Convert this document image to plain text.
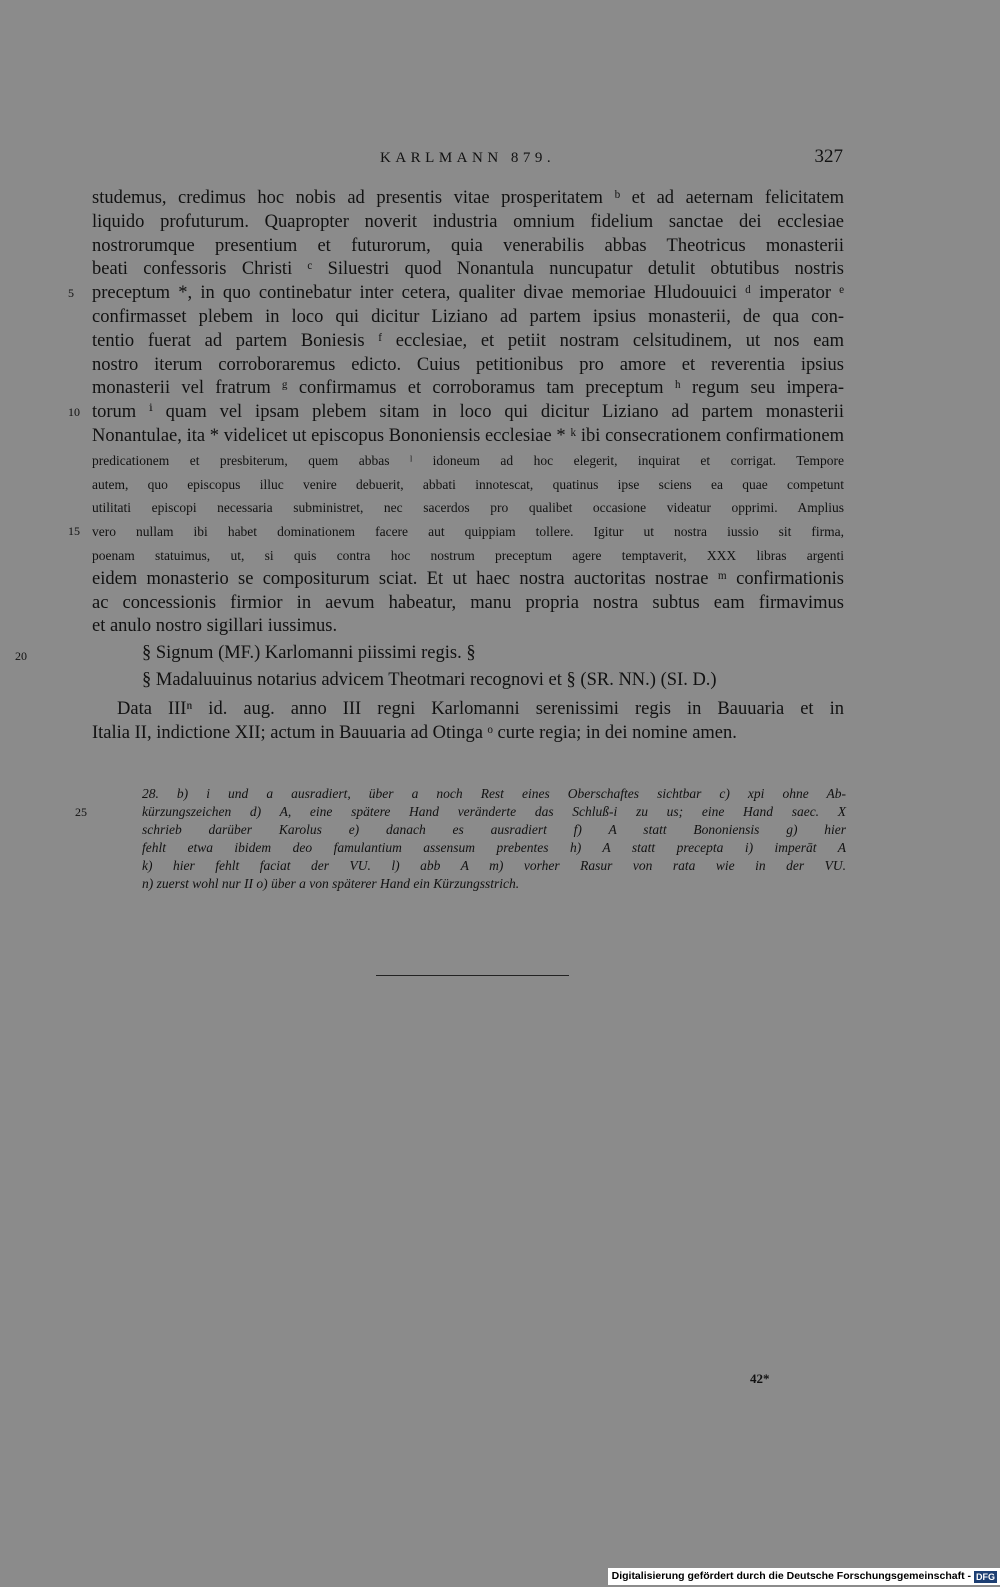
KARLMANN 879.	327
studemus, credimus hoc nobis ad presentis vitae prosperitatem ᵇ et ad aeternam felicitatem
liquido profuturum. Quapropter noverit industria omnium fidelium sanctae dei ecclesiae
nostrorumque presentium et futurorum, quia venerabilis abbas Theotricus monasterii
beati confessoris Christi ᶜ Siluestri quod Nonantula nuncupatur detulit obtutibus nostris
preceptum *, in quo continebatur inter cetera, qualiter divae memoriae Hludouuici ᵈ imperator ᵉ
5
confirmasset plebem in loco qui dicitur Liziano ad partem ipsius monasterii, de qua con-
tentio fuerat ad partem Boniesis ᶠ ecclesiae, et petiit nostram celsitudinem, ut nos eam
nostro iterum corroboraremus edicto. Cuius petitionibus pro amore et reverentia ipsius
monasterii vel fratrum ᵍ confirmamus et corroboramus tam preceptum ʰ regum seu impera-
torum ⁱ quam vel ipsam plebem sitam in loco qui dicitur Liziano ad partem monasterii
10
Nonantulae, ita * videlicet ut episcopus Bononiensis ecclesiae * ᵏ ibi consecrationem confirmationem
predicationem et presbiterum, quem abbas ˡ idoneum ad hoc elegerit, inquirat et corrigat. Tempore
autem, quo episcopus illuc venire debuerit, abbati innotescat, quatinus ipse sciens ea quae competunt
utilitati episcopi necessaria subministret, nec sacerdos pro qualibet occasione videatur opprimi. Amplius
vero nullam ibi habet dominationem facere aut quippiam tollere. Igitur ut nostra iussio sit firma,
15
poenam statuimus, ut, si quis contra hoc nostrum preceptum agere temptaverit, XXX libras argenti
eidem monasterio se compositurum sciat. Et ut haec nostra auctoritas nostrae ᵐ confirmationis
ac concessionis firmior in aevum habeatur, manu propria nostra subtus eam firmavimus
et anulo nostro sigillari iussimus.
20	§ Signum (MF.) Karlomanni piissimi regis. §
§ Madaluuinus notarius advicem Theotmari recognovi et § (SR. NN.) (SI. D.)
Data IIIⁿ id. aug. anno III regni Karlomanni serenissimi regis in Bauuaria et in
Italia II, indictione XII; actum in Bauuaria ad Otinga ᵒ curte regia; in dei nomine amen.
28. b) i und a ausradiert, über a noch Rest eines Oberschaftes sichtbar c) xpi ohne Ab-
kürzungszeichen d) A, eine spätere Hand veränderte das Schluß-i zu us; eine Hand saec. X
25
schrieb darüber Karolus e) danach es ausradiert f) A statt Bononiensis g) hier
fehlt etwa ibidem deo famulantium assensum prebentes h) A statt precepta i) imperāt A
k) hier fehlt faciat der VU. l) abb A m) vorher Rasur von rata wie in der VU.
n) zuerst wohl nur II o) über a von späterer Hand ein Kürzungsstrich.
42*
Digitalisierung gefördert durch die Deutsche Forschungsgemeinschaft - DFG
